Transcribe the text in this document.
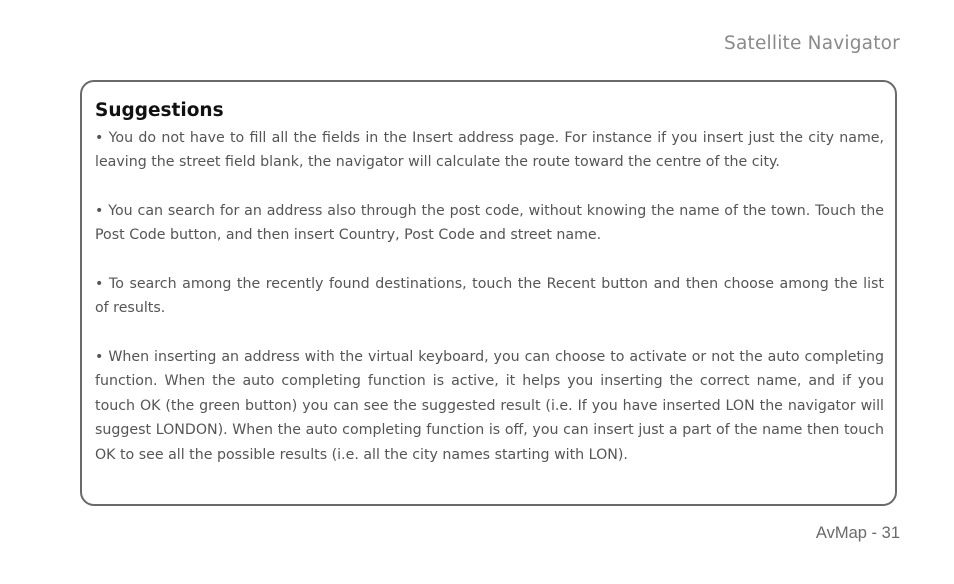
Satellite Navigator
Suggestions

• You do not have to fill all the fields in the Insert address page. For instance if you insert just the city name, leaving the street field blank, the navigator will calculate the route toward the centre of the city.

• You can search for an address also through the post code, without knowing the name of the town. Touch the Post Code button, and then insert Country, Post Code and street name.

• To search among the recently found destinations, touch the Recent button and then choose among the list of results.

• When inserting an address with the virtual keyboard, you can choose to activate or not the auto completing function. When the auto completing function is active, it helps you inserting the correct name, and if you touch OK (the green button) you can see the suggested result (i.e. If you have inserted LON the navigator will suggest LONDON). When the auto completing function is off, you can insert just a part of the name then touch OK to see all the possible results (i.e. all the city names starting with LON).

AvMap - 31
